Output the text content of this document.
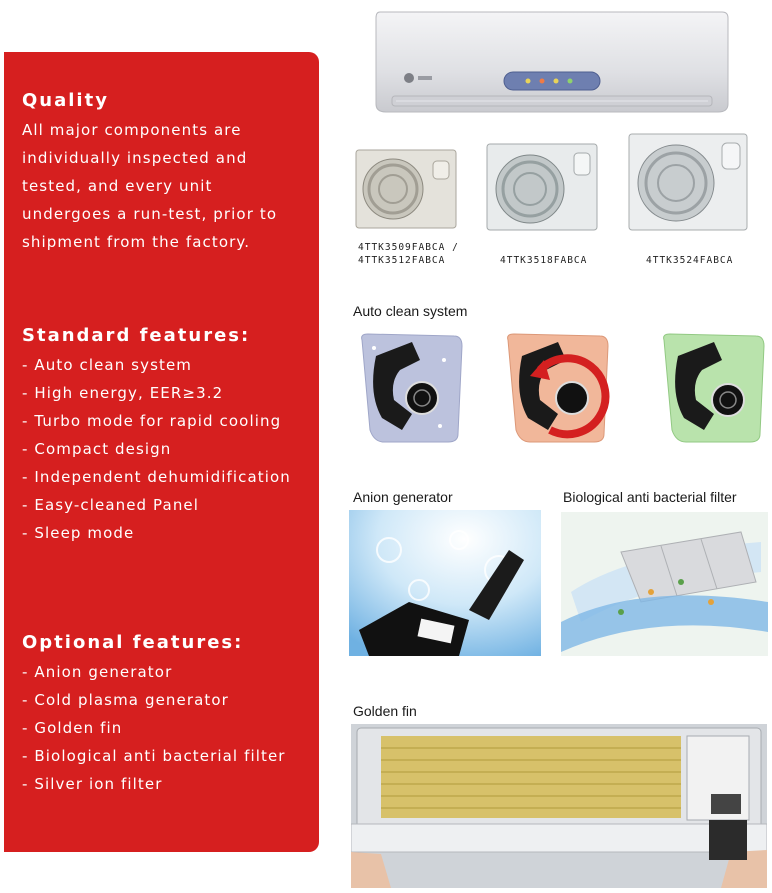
Quality

All major components are individually inspected and tested, and every unit undergoes a run-test, prior to shipment from the factory.

Standard features:
- Auto clean system
- High energy, EER≥3.2
- Turbo mode for rapid cooling
- Compact design
- Independent dehumidification
- Easy-cleaned Panel
- Sleep mode
Optional features:
- Anion generator
- Cold plasma generator
- Golden fin
- Biological anti bacterial filter
- Silver ion filter
4TTK3509FABCA /
4TTK3512FABCA	4TTK3518FABCA	4TTK3524FABCA
Auto clean system
Anion generator	Biological anti bacterial filter
Golden fin
